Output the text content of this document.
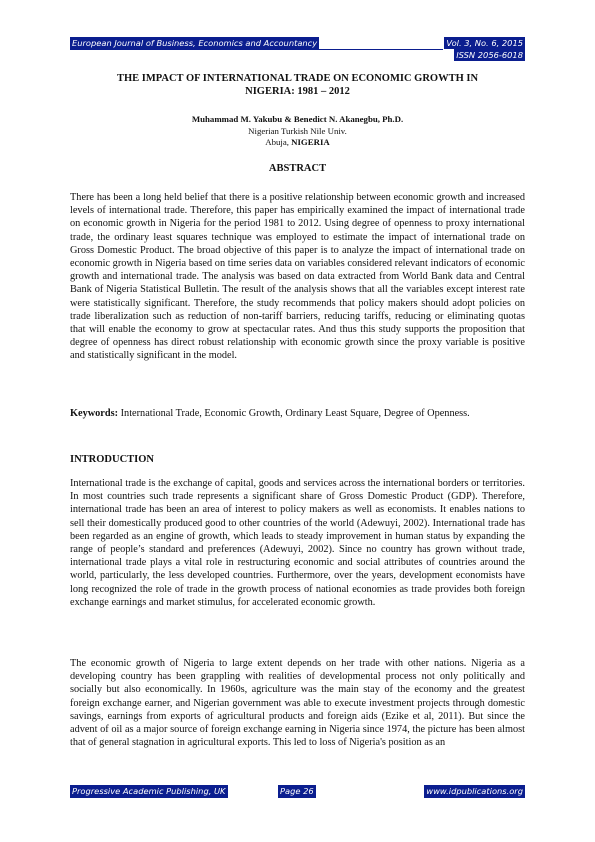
European Journal of Business, Economics and Accountancy	Vol. 3, No. 6, 2015
ISSN 2056-6018
THE IMPACT OF INTERNATIONAL TRADE ON ECONOMIC GROWTH IN
NIGERIA: 1981 – 2012
Muhammad M. Yakubu & Benedict N. Akanegbu, Ph.D.
Nigerian Turkish Nile Univ.
Abuja, NIGERIA
ABSTRACT

There has been a long held belief that there is a positive relationship between economic growth and increased levels of international trade. Therefore, this paper has empirically examined the impact of international trade on economic growth in Nigeria for the period 1981 to 2012. Using degree of openness to proxy international trade, the ordinary least squares technique was employed to estimate the impact of international trade on Gross Domestic Product. The broad objective of this paper is to analyze the impact of international trade on economic growth in Nigeria based on time series data on variables considered relevant indicators of economic growth and international trade. The analysis was based on data extracted from World Bank data and Central Bank of Nigeria Statistical Bulletin. The result of the analysis shows that all the variables except interest rate were statistically significant. Therefore, the study recommends that policy makers should adopt policies on trade liberalization such as reduction of non-tariff barriers, reducing tariffs, reducing or eliminating quotas that will enable the economy to grow at spectacular rates. And thus this study supports the proposition that degree of openness has direct robust relationship with economic growth since the proxy variable is positive and statistically significant in the model.

Keywords: International Trade, Economic Growth, Ordinary Least Square, Degree of Openness.

INTRODUCTION

International trade is the exchange of capital, goods and services across the international borders or territories. In most countries such trade represents a significant share of Gross Domestic Product (GDP). Therefore, international trade has been an area of interest to policy makers as well as economists. It enables nations to sell their domestically produced good to other countries of the world (Adewuyi, 2002). International trade has been regarded as an engine of growth, which leads to steady improvement in human status by expanding the range of people’s standard and preferences (Adewuyi, 2002). Since no country has grown without trade, international trade plays a vital role in restructuring economic and social attributes of countries around the world, particularly, the less developed countries. Furthermore, over the years, development economists have long recognized the role of trade in the growth process of national economies as trade provides both foreign exchange earnings and market stimulus, for accelerated economic growth.

The economic growth of Nigeria to large extent depends on her trade with other nations. Nigeria as a developing country has been grappling with realities of developmental process not only politically and socially but also economically. In 1960s, agriculture was the main stay of the economy and the greatest foreign exchange earner, and Nigerian government was able to execute investment projects through domestic savings, earnings from exports of agricultural products and foreign aids (Ezike et al, 2011). But since the advent of oil as a major source of foreign exchange earning in Nigeria since 1974, the picture has been almost that of general stagnation in agricultural exports. This led to loss of Nigeria's position as an

Progressive Academic Publishing, UK	Page 26	www.idpublications.org
